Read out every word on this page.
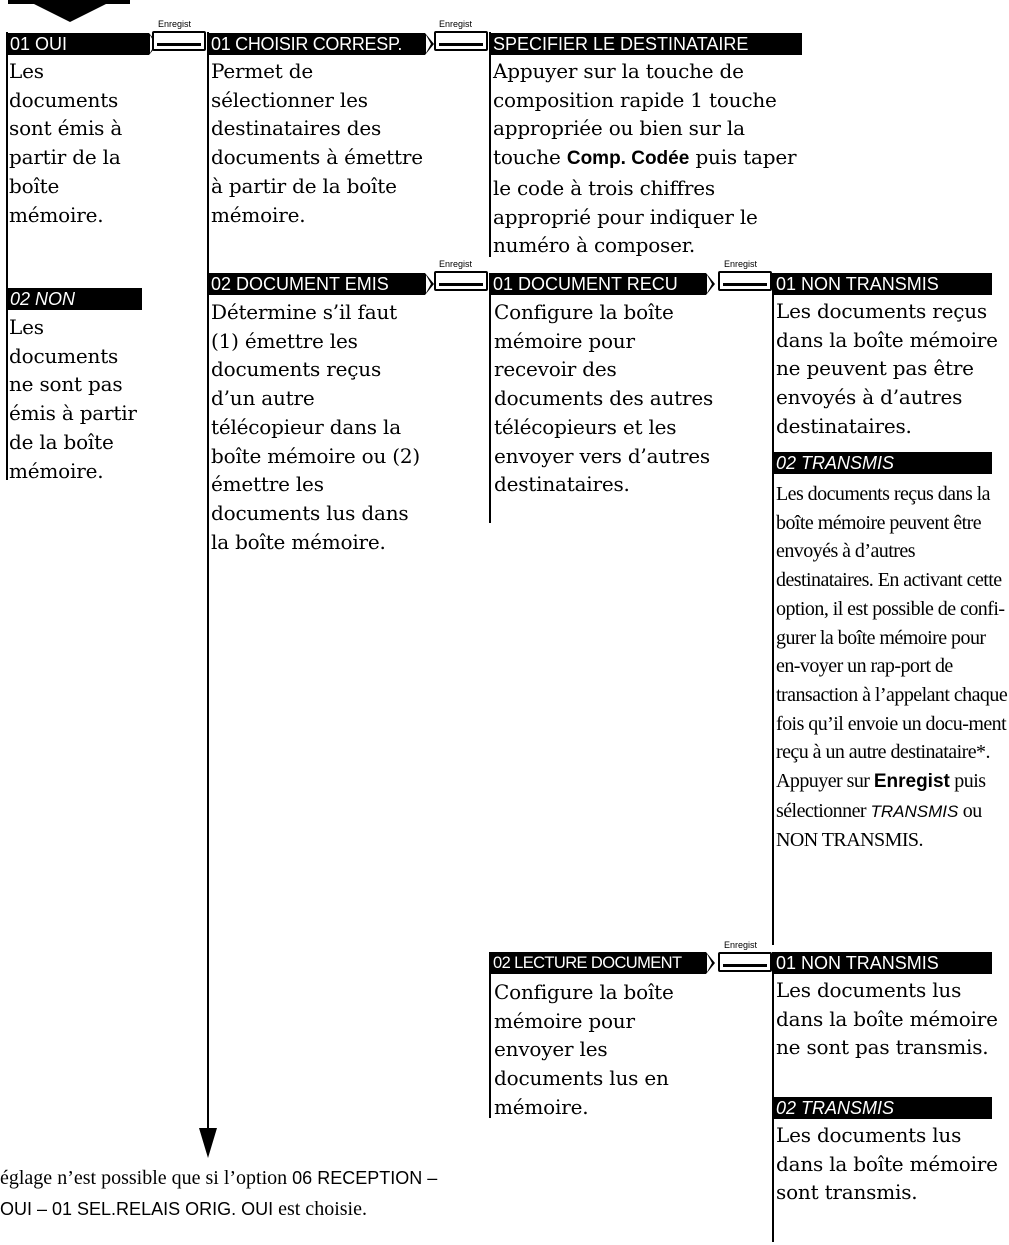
01 OUI
Enregist

Les documents sont émis à partir de la boîte mémoire.

02 NON

Les documents ne sont pas émis à partir de la boîte mémoire.

01 CHOISIR CORRESP.
Enregist

Permet de sélectionner les destinataires des documents à émettre à partir de la boîte mémoire.

02 DOCUMENT EMIS
Enregist

Détermine s’il faut (1) émettre les documents reçus d’un autre télécopieur dans la boîte mémoire ou (2) émettre les documents lus dans la boîte mémoire.

SPECIFIER LE DESTINATAIRE

Appuyer sur la touche de composition rapide 1 touche appropriée ou bien sur la touche Comp. Codée puis taper le code à trois chiffres approprié pour indiquer le numéro à composer.

01 DOCUMENT RECU
Enregist

Configure la boîte mémoire pour recevoir des documents des autres télécopieurs et les envoyer vers d’autres destinataires.

02 LECTURE DOCUMENT
Enregist

Configure la boîte mémoire pour envoyer les documents lus en mémoire.

01 NON TRANSMIS

Les documents reçus dans la boîte mémoire ne peuvent pas être envoyés à d’autres destinataires.

02 TRANSMIS

Les documents reçus dans la boîte mémoire peuvent être envoyés à d’autres destinataires. En activant cette option, il est possible de confi-gurer la boîte mémoire pour en-voyer un rap-port de transaction à l’appelant chaque fois qu’il envoie un docu-ment reçu à un autre destinataire*. Appuyer sur Enregist puis sélectionner TRANSMIS ou NON TRANSMIS.

01 NON TRANSMIS

Les documents lus dans la boîte mémoire ne sont pas transmis.

02 TRANSMIS

Les documents lus dans la boîte mémoire sont transmis.

églage n’est possible que si l’option 06 RECEPTION –
OUI – 01 SEL.RELAIS ORIG. OUI est choisie.
